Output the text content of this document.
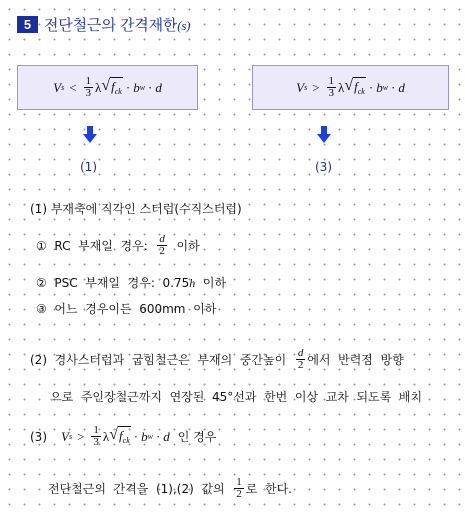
5 전단철근의 간격제한(s)
V $s < \frac{1}{3}$ λ √ $f_{ck} \cdot b$ w · d	V $s > \frac{1}{3}$ λ √ $f_{ck} \cdot b$ w · d
(1)	(3)
(1) 부재축에 직각인 스터럽(수직스터럽)
①  RC  부재일  경우: $\frac{d}{2}$ 이하
②  PSC  부재일  경우:  0.75h  이하
③  어느  경우이든  600mm  이하
(2)  경사스터럽과  굽힘철근은  부재의  중간높이 $\frac{d}{2}$ 에서  반력점  방향
으로  주인장철근까지  연장된  45°선과  한번  이상  교차  되도록  배치
(3) V $s > \frac{1}{3}$ λ √ $f_{ck} \cdot b$ w · d 인 경우
전단철근의  간격을  (1),(2)  값의 $\frac{1}{2}$ 로  한다.
